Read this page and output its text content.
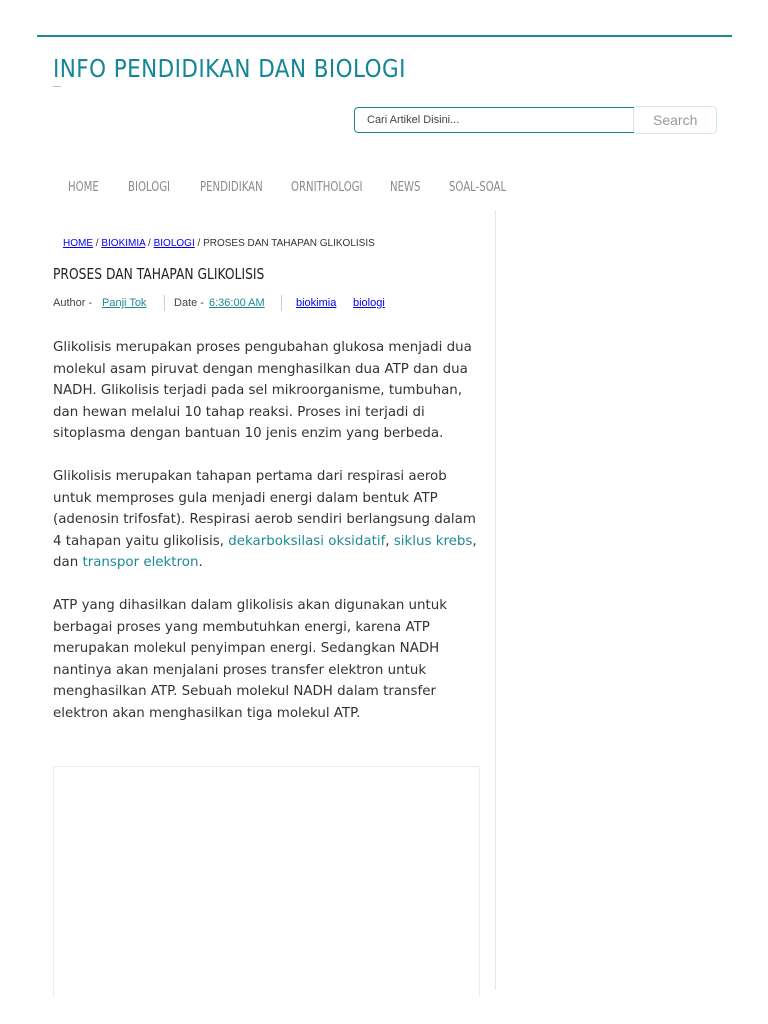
INFO PENDIDIKAN DAN BIOLOGI
Cari Artikel Disini...
Search
HOME	BIOLOGI	PENDIDIKAN	ORNITHOLOGI	NEWS	SOAL-SOAL
HOME / BIOKIMIA / BIOLOGI / PROSES DAN TAHAPAN GLIKOLISIS
PROSES DAN TAHAPAN GLIKOLISIS
Author - Panji Tok	Date - 6:36:00 AM	biokimia biologi

Glikolisis merupakan proses pengubahan glukosa menjadi dua molekul asam piruvat dengan menghasilkan dua ATP dan dua NADH. Glikolisis terjadi pada sel mikroorganisme, tumbuhan, dan hewan melalui 10 tahap reaksi. Proses ini terjadi di sitoplasma dengan bantuan 10 jenis enzim yang berbeda.

Glikolisis merupakan tahapan pertama dari respirasi aerob untuk memproses gula menjadi energi dalam bentuk ATP (adenosin trifosfat). Respirasi aerob sendiri berlangsung dalam 4 tahapan yaitu glikolisis, dekarboksilasi oksidatif, siklus krebs, dan transpor elektron.

ATP yang dihasilkan dalam glikolisis akan digunakan untuk berbagai proses yang membutuhkan energi, karena ATP merupakan molekul penyimpan energi. Sedangkan NADH nantinya akan menjalani proses transfer elektron untuk menghasilkan ATP. Sebuah molekul NADH dalam transfer elektron akan menghasilkan tiga molekul ATP.
